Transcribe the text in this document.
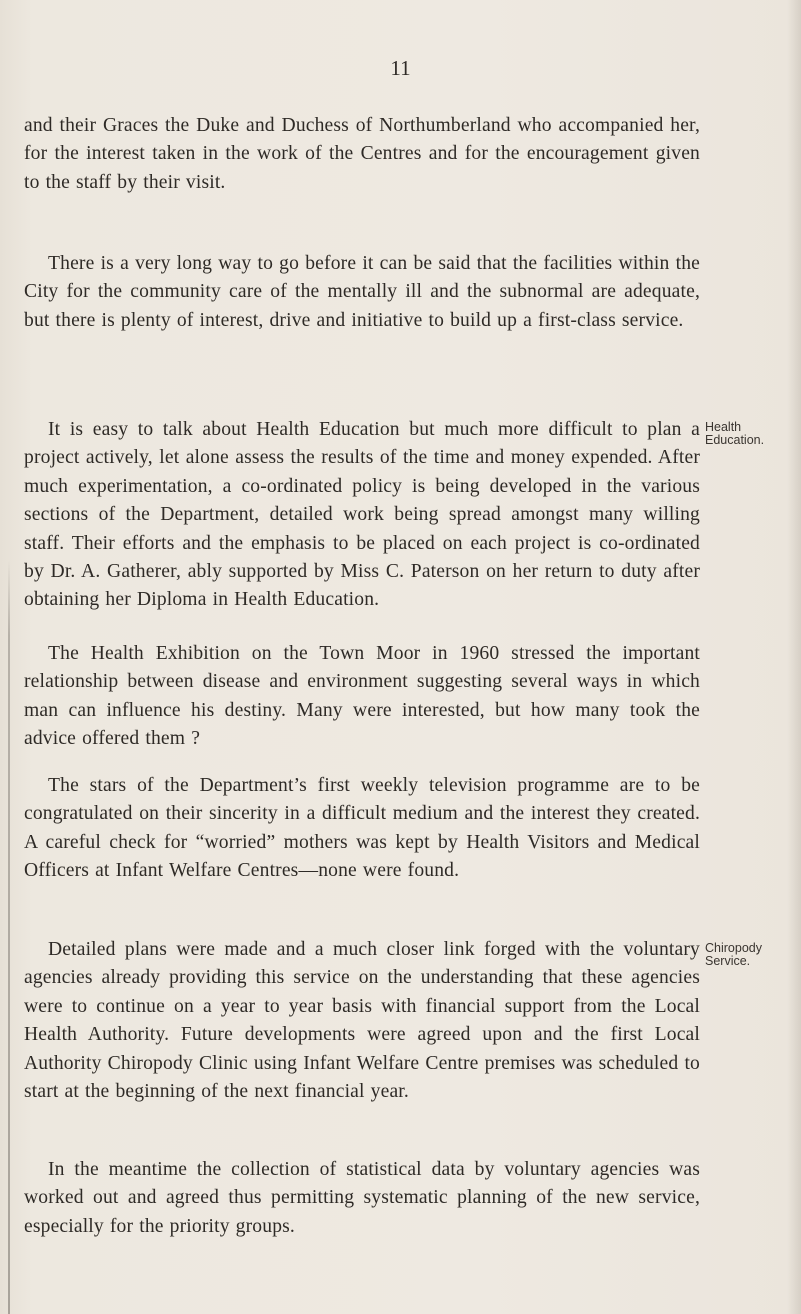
11

and their Graces the Duke and Duchess of Northumberland who accompanied her, for the interest taken in the work of the Centres and for the encouragement given to the staff by their visit.

There is a very long way to go before it can be said that the facilities within the City for the community care of the mentally ill and the subnormal are adequate, but there is plenty of interest, drive and initiative to build up a first-class service.

It is easy to talk about Health Education but much more difficult to plan a project actively, let alone assess the results of the time and money expended. After much experimentation, a co-ordinated policy is being developed in the various sections of the Department, detailed work being spread amongst many willing staff. Their efforts and the emphasis to be placed on each project is co-ordinated by Dr. A. Gatherer, ably supported by Miss C. Paterson on her return to duty after obtaining her Diploma in Health Education.

The Health Exhibition on the Town Moor in 1960 stressed the important relationship between disease and environment suggesting several ways in which man can influence his destiny. Many were interested, but how many took the advice offered them ?

The stars of the Department’s first weekly television programme are to be congratulated on their sincerity in a difficult medium and the interest they created. A careful check for “worried” mothers was kept by Health Visitors and Medical Officers at Infant Welfare Centres—none were found.

Detailed plans were made and a much closer link forged with the voluntary agencies already providing this service on the understanding that these agencies were to continue on a year to year basis with financial support from the Local Health Authority. Future developments were agreed upon and the first Local Authority Chiropody Clinic using Infant Welfare Centre premises was scheduled to start at the beginning of the next financial year.

In the meantime the collection of statistical data by voluntary agencies was worked out and agreed thus permitting systematic planning of the new service, especially for the priority groups.

Health
Education.
Chiropody
Service.
